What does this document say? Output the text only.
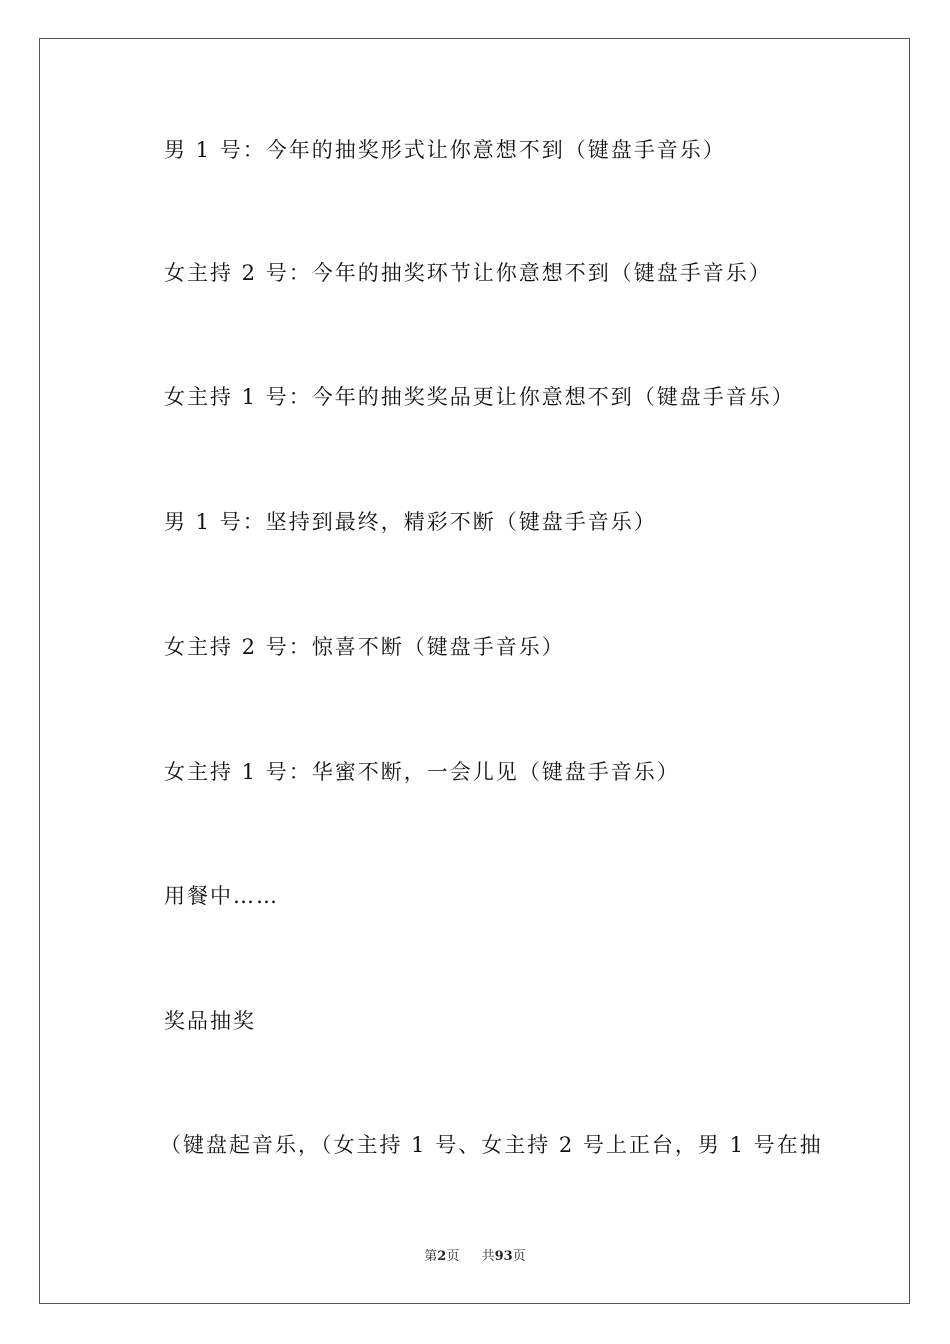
男 1 号：今年的抽奖形式让你意想不到（键盘手音乐）
女主持 2 号：今年的抽奖环节让你意想不到（键盘手音乐）
女主持 1 号：今年的抽奖奖品更让你意想不到（键盘手音乐）
男 1 号：坚持到最终，精彩不断（键盘手音乐）
女主持 2 号：惊喜不断（键盘手音乐）
女主持 1 号：华蜜不断，一会儿见（键盘手音乐）
用餐中……
奖品抽奖
（键盘起音乐，（女主持 1 号、女主持 2 号上正台，男 1 号在抽
第2页 共93页
